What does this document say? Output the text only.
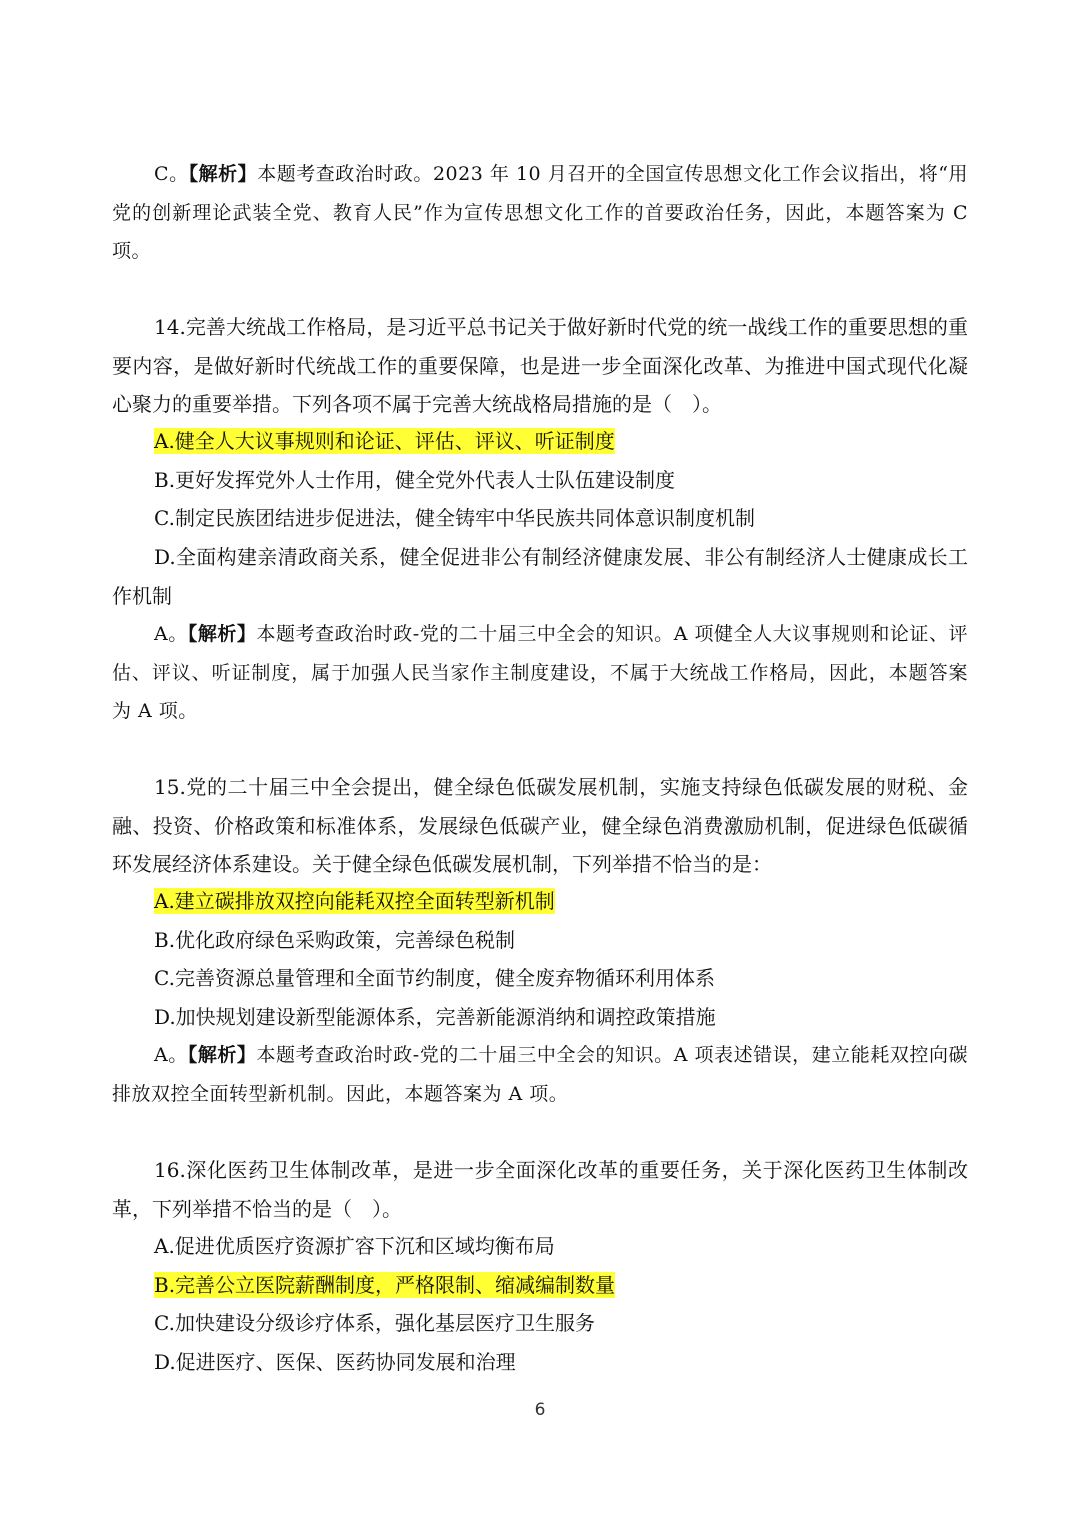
C。【解析】本题考查政治时政。2023 年 10 月召开的全国宣传思想文化工作会议指出，将“用党的创新理论武装全党、教育人民”作为宣传思想文化工作的首要政治任务，因此，本题答案为 C 项。

14.完善大统战工作格局，是习近平总书记关于做好新时代党的统一战线工作的重要思想的重要内容，是做好新时代统战工作的重要保障，也是进一步全面深化改革、为推进中国式现代化凝心聚力的重要举措。下列各项不属于完善大统战格局措施的是（　）。

A.健全人大议事规则和论证、评估、评议、听证制度
B.更好发挥党外人士作用，健全党外代表人士队伍建设制度
C.制定民族团结进步促进法，健全铸牢中华民族共同体意识制度机制

D.全面构建亲清政商关系，健全促进非公有制经济健康发展、非公有制经济人士健康成长工作机制

A。【解析】本题考查政治时政-党的二十届三中全会的知识。A 项健全人大议事规则和论证、评估、评议、听证制度，属于加强人民当家作主制度建设，不属于大统战工作格局，因此，本题答案为 A 项。

15.党的二十届三中全会提出，健全绿色低碳发展机制，实施支持绿色低碳发展的财税、金融、投资、价格政策和标准体系，发展绿色低碳产业，健全绿色消费激励机制，促进绿色低碳循环发展经济体系建设。关于健全绿色低碳发展机制，下列举措不恰当的是：

A.建立碳排放双控向能耗双控全面转型新机制
B.优化政府绿色采购政策，完善绿色税制
C.完善资源总量管理和全面节约制度，健全废弃物循环利用体系
D.加快规划建设新型能源体系，完善新能源消纳和调控政策措施

A。【解析】本题考查政治时政-党的二十届三中全会的知识。A 项表述错误，建立能耗双控向碳排放双控全面转型新机制。因此，本题答案为 A 项。

16.深化医药卫生体制改革，是进一步全面深化改革的重要任务，关于深化医药卫生体制改革，下列举措不恰当的是（　）。

A.促进优质医疗资源扩容下沉和区域均衡布局
B.完善公立医院薪酬制度，严格限制、缩减编制数量
C.加快建设分级诊疗体系，强化基层医疗卫生服务
D.促进医疗、医保、医药协同发展和治理
6
